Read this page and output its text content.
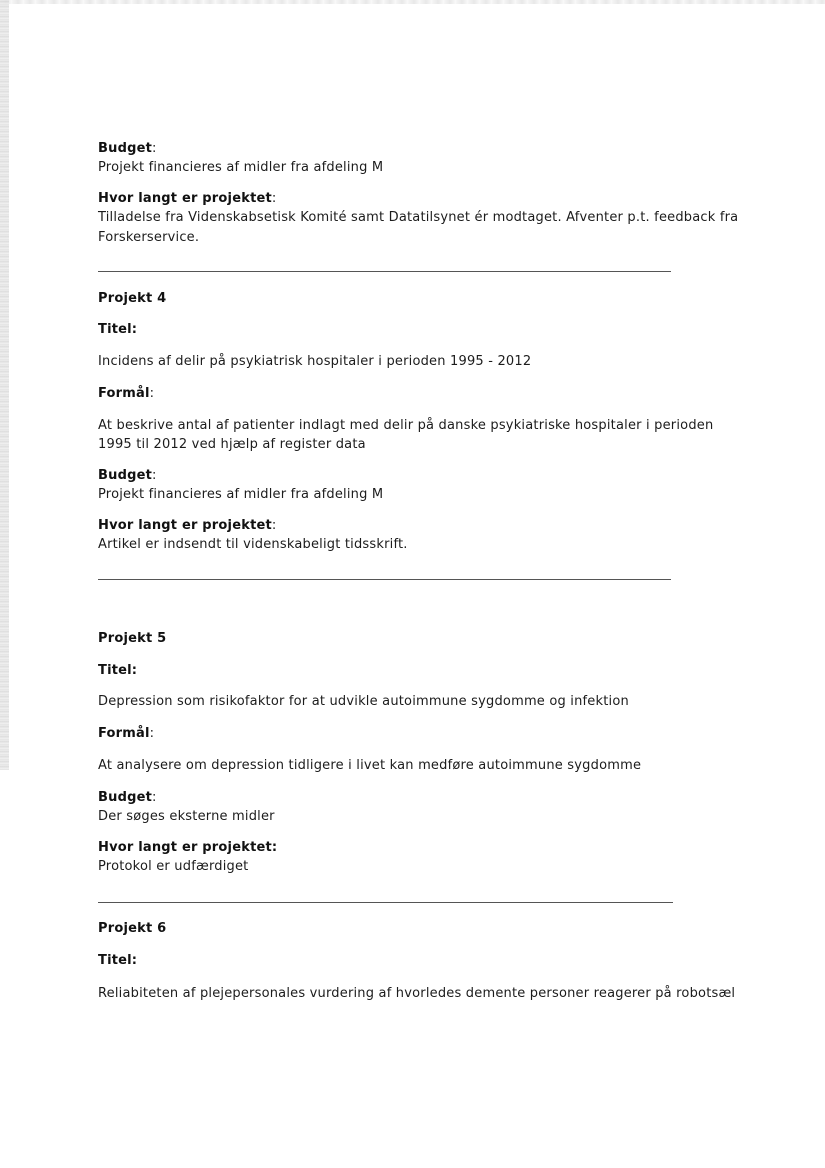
Budget:
Projekt financieres af midler fra afdeling M
Hvor langt er projektet:
Tilladelse fra Videnskabsetisk Komité samt Datatilsynet ér modtaget. Afventer p.t. feedback fra
Forskerservice.
Projekt 4
Titel:
Incidens af delir på psykiatrisk hospitaler i perioden 1995 - 2012
Formål:
At beskrive antal af patienter indlagt med delir på danske psykiatriske hospitaler i perioden
1995 til 2012 ved hjælp af register data
Budget:
Projekt financieres af midler fra afdeling M
Hvor langt er projektet:
Artikel er indsendt til videnskabeligt tidsskrift.
Projekt 5
Titel:
Depression som risikofaktor for at udvikle autoimmune sygdomme og infektion
Formål:
At analysere om depression tidligere i livet kan medføre autoimmune sygdomme
Budget:
Der søges eksterne midler
Hvor langt er projektet:
Protokol er udfærdiget
Projekt 6
Titel:
Reliabiteten af plejepersonales vurdering af hvorledes demente personer reagerer på robotsæl
